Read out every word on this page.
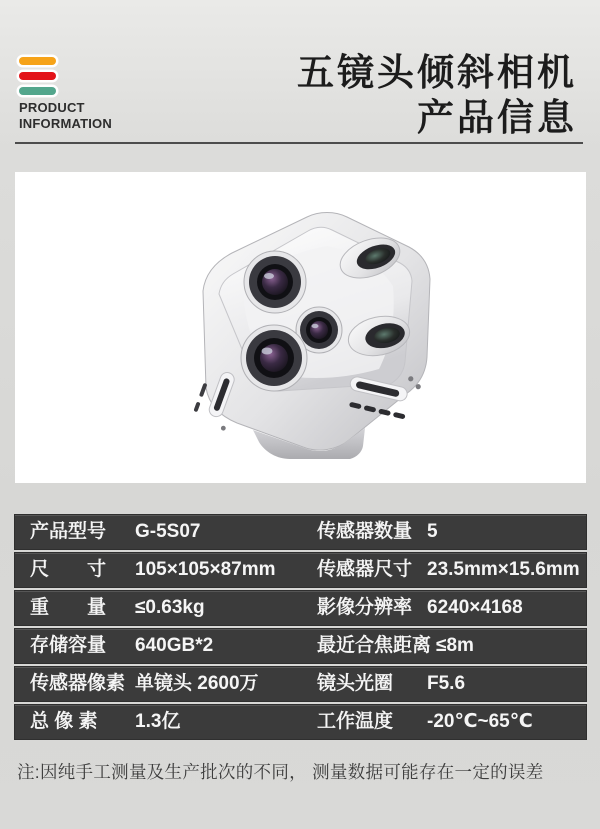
PRODUCT
INFORMATION
五镜头倾斜相机
产品信息
产品型号 G-5S07	传感器数量 5
尺　　寸 105×105×87mm 传感器尺寸 23.5mm×15.6mm
重　　量 ≤0.63kg	影像分辨率 6240×4168
存储容量 640GB*2	最近合焦距离 ≤8m
传感器像素 单镜头 2600万	镜头光圈 F5.6
总 像 素 1.3亿	工作温度 -20℃~65℃
注:因纯手工测量及生产批次的不同， 测量数据可能存在一定的误差
